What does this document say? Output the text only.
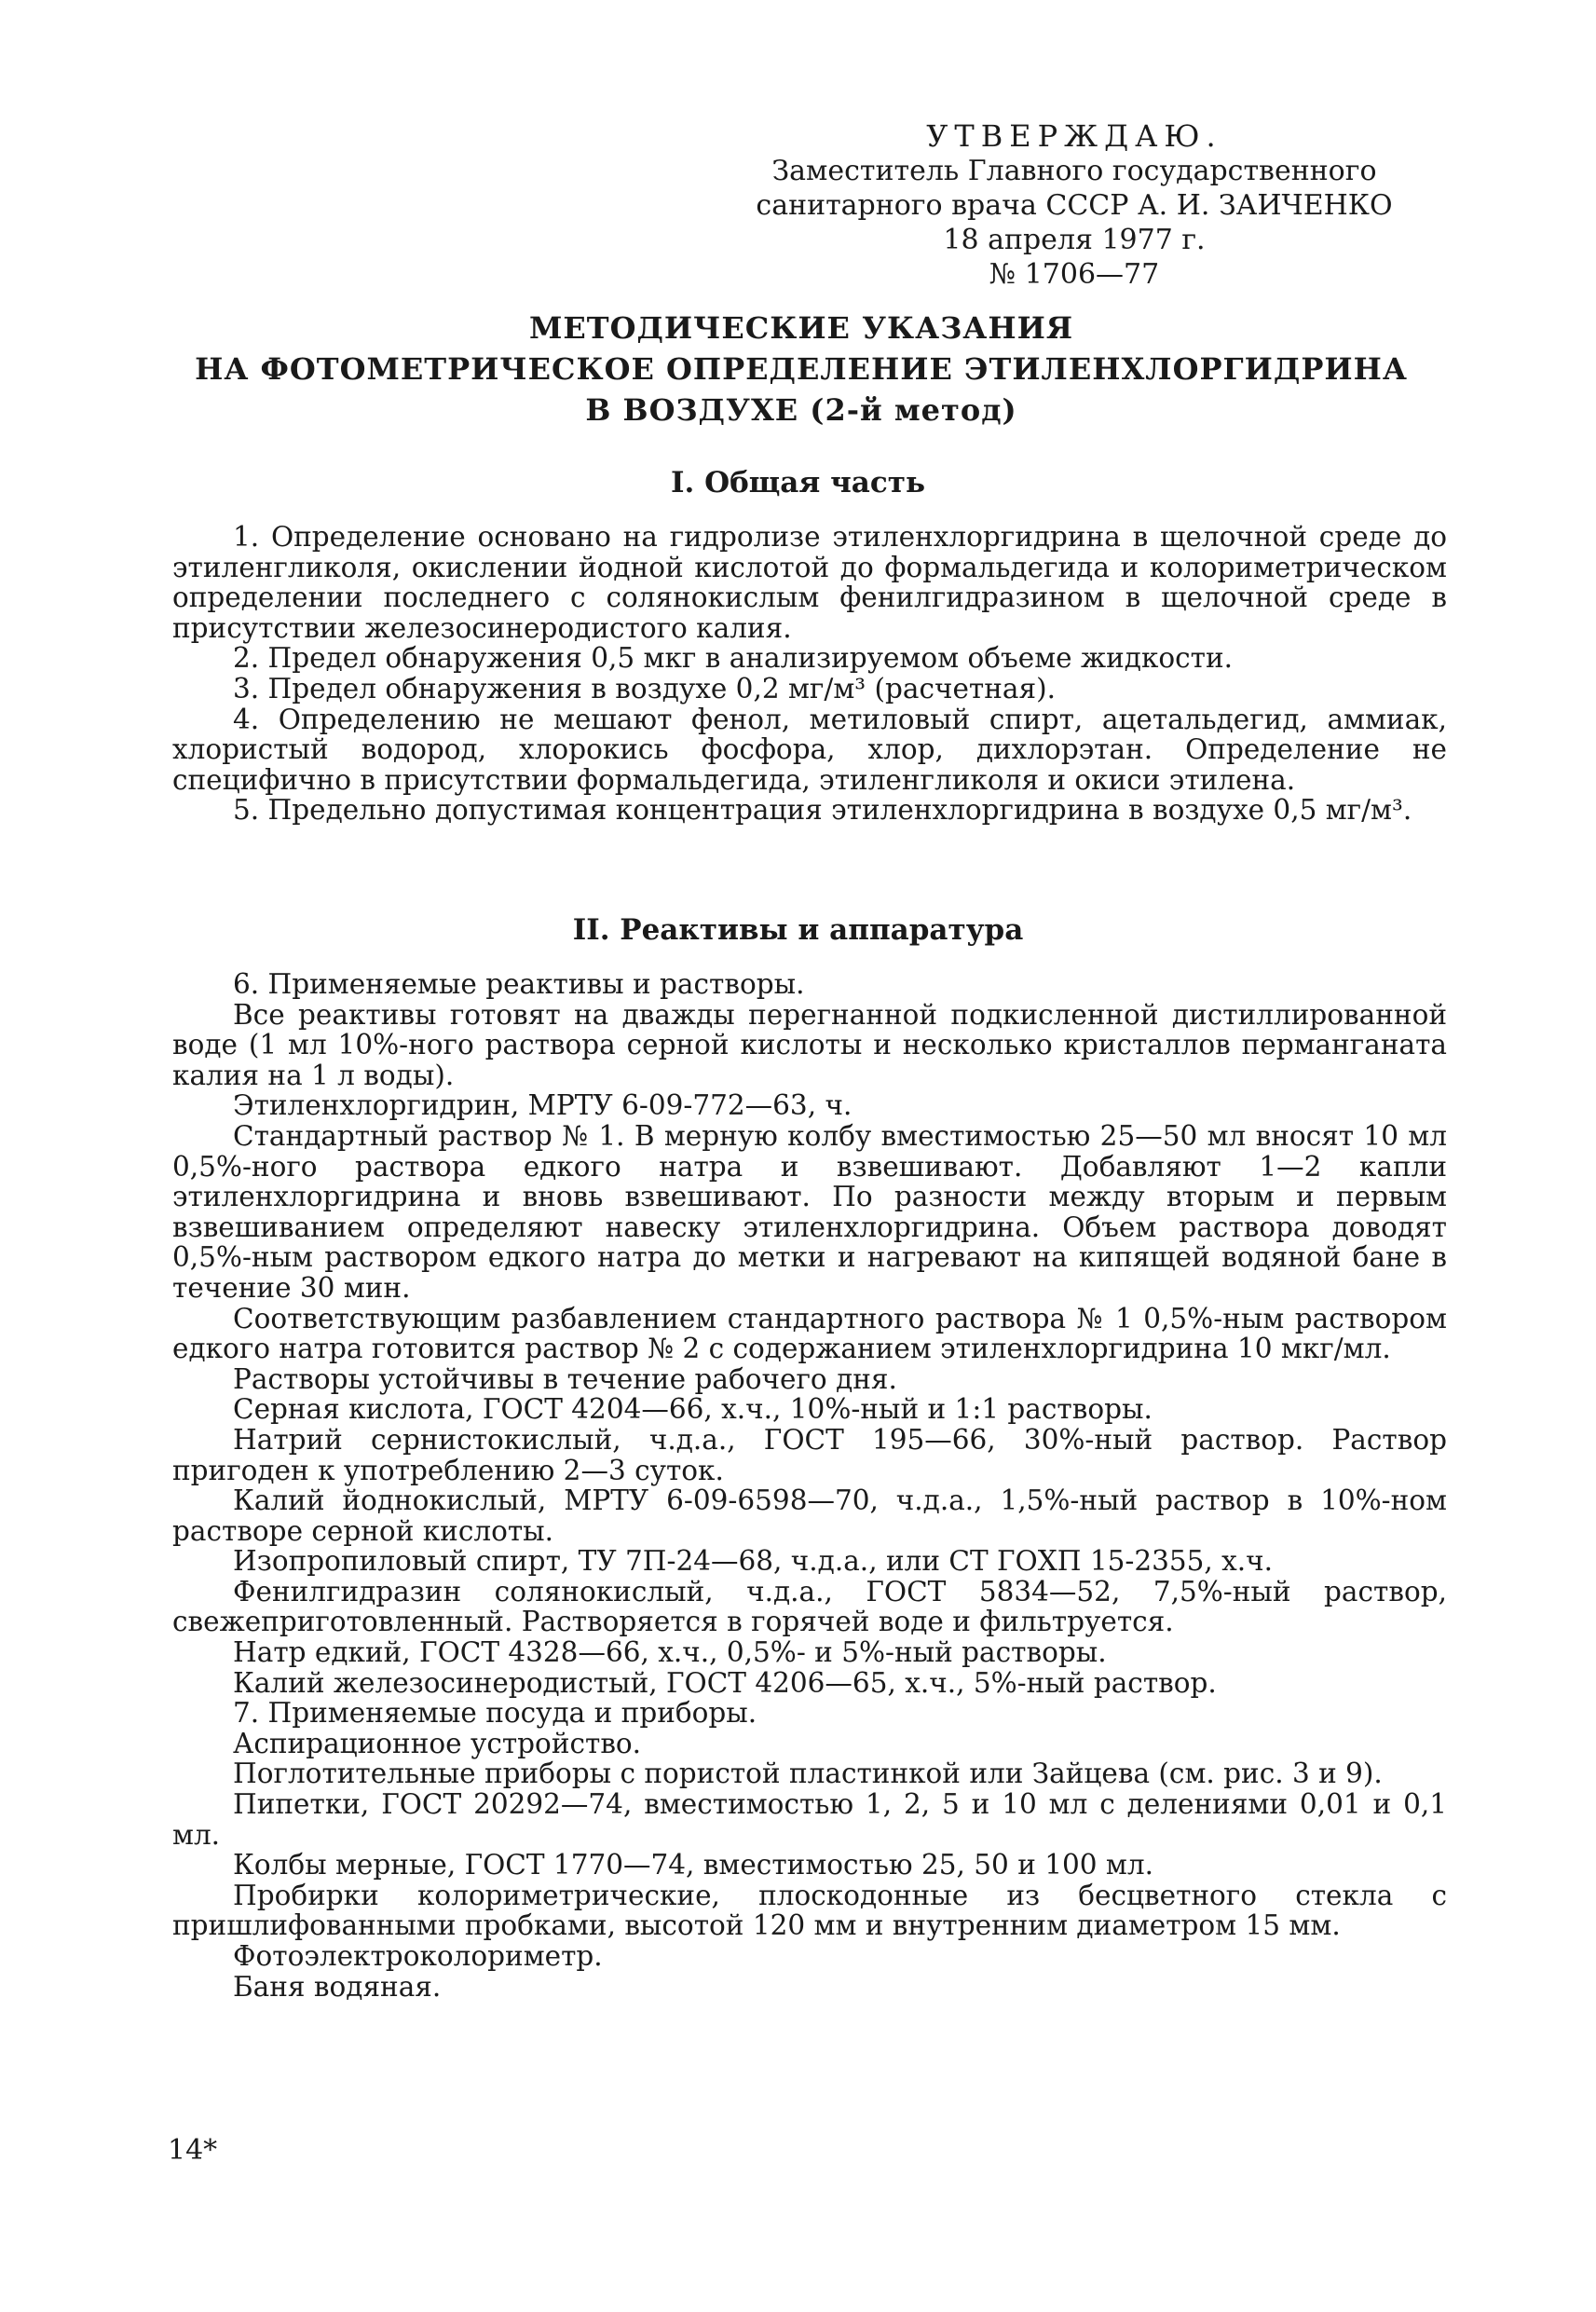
УТВЕРЖДАЮ.
Заместитель Главного государственного
санитарного врача СССР А. И. ЗАИЧЕНКО
18 апреля 1977 г.
№ 1706—77
МЕТОДИЧЕСКИЕ УКАЗАНИЯ
НА ФОТОМЕТРИЧЕСКОЕ ОПРЕДЕЛЕНИЕ ЭТИЛЕНХЛОРГИДРИНА
В ВОЗДУХЕ (2-й метод)
I. Общая часть

1. Определение основано на гидролизе этиленхлоргидрина в щелочной среде до этиленгликоля, окислении йодной кислотой до формальдегида и колориметрическом определении последнего с солянокислым фенилгидразином в щелочной среде в присутствии железосинеродистого калия.

2. Предел обнаружения 0,5 мкг в анализируемом объеме жидкости.

3. Предел обнаружения в воздухе 0,2 мг/м³ (расчетная).

4. Определению не мешают фенол, метиловый спирт, ацетальдегид, аммиак, хлористый водород, хлорокись фосфора, хлор, дихлорэтан. Определение не специфично в присутствии формальдегида, этиленгликоля и окиси этилена.

5. Предельно допустимая концентрация этиленхлоргидрина в воздухе 0,5 мг/м³.

II. Реактивы и аппаратура

6. Применяемые реактивы и растворы.

Все реактивы готовят на дважды перегнанной подкисленной дистиллированной воде (1 мл 10%-ного раствора серной кислоты и несколько кристаллов перманганата калия на 1 л воды).

Этиленхлоргидрин, МРТУ 6-09-772—63, ч.

Стандартный раствор № 1. В мерную колбу вместимостью 25—50 мл вносят 10 мл 0,5%-ного раствора едкого натра и взвешивают. Добавляют 1—2 капли этиленхлоргидрина и вновь взвешивают. По разности между вторым и первым взвешиванием определяют навеску этиленхлоргидрина. Объем раствора доводят 0,5%-ным раствором едкого натра до метки и нагревают на кипящей водяной бане в течение 30 мин.

Соответствующим разбавлением стандартного раствора № 1 0,5%-ным раствором едкого натра готовится раствор № 2 с содержанием этиленхлоргидрина 10 мкг/мл.

Растворы устойчивы в течение рабочего дня.

Серная кислота, ГОСТ 4204—66, х.ч., 10%-ный и 1:1 растворы.

Натрий сернистокислый, ч.д.а., ГОСТ 195—66, 30%-ный раствор. Раствор пригоден к употреблению 2—3 суток.

Калий йоднокислый, МРТУ 6-09-6598—70, ч.д.а., 1,5%-ный раствор в 10%-ном растворе серной кислоты.

Изопропиловый спирт, ТУ 7П-24—68, ч.д.а., или СТ ГОХП 15-2355, х.ч.

Фенилгидразин солянокислый, ч.д.а., ГОСТ 5834—52, 7,5%-ный раствор, свежеприготовленный. Растворяется в горячей воде и фильтруется.

Натр едкий, ГОСТ 4328—66, х.ч., 0,5%- и 5%-ный растворы.

Калий железосинеродистый, ГОСТ 4206—65, х.ч., 5%-ный раствор.

7. Применяемые посуда и приборы.

Аспирационное устройство.

Поглотительные приборы с пористой пластинкой или Зайцева (см. рис. 3 и 9).

Пипетки, ГОСТ 20292—74, вместимостью 1, 2, 5 и 10 мл с делениями 0,01 и 0,1 мл.

Колбы мерные, ГОСТ 1770—74, вместимостью 25, 50 и 100 мл.

Пробирки колориметрические, плоскодонные из бесцветного стекла с пришлифованными пробками, высотой 120 мм и внутренним диаметром 15 мм.

Фотоэлектроколориметр.

Баня водяная.

14*
